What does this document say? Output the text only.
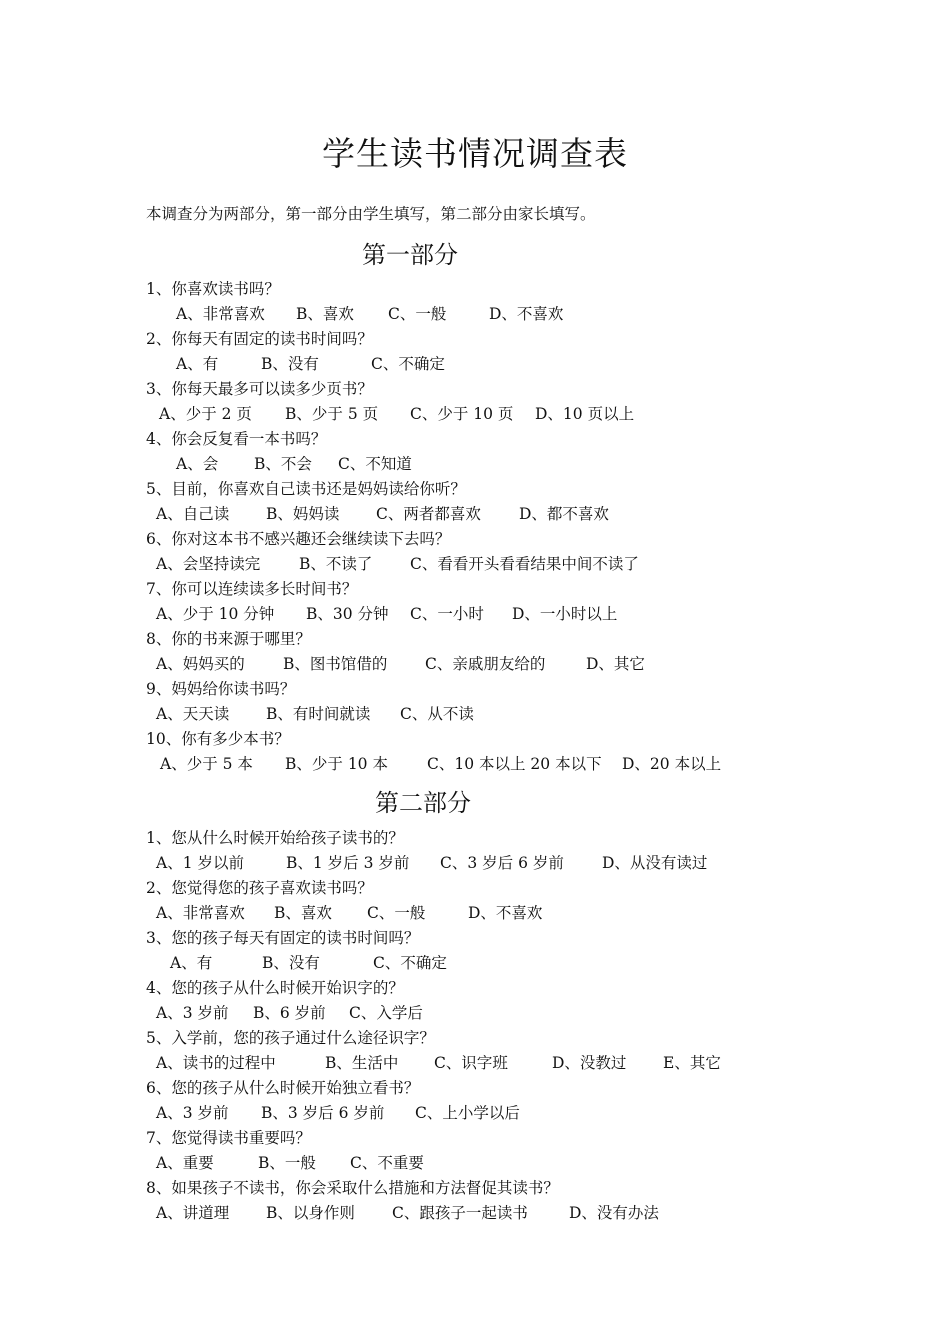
学生读书情况调查表
本调查分为两部分，第一部分由学生填写，第二部分由家长填写。
第一部分
1、你喜欢读书吗？
A、非常喜欢 B、喜欢 C、一般	D、不喜欢
2、你每天有固定的读书时间吗？
A、有	B、没有	C、不确定
3、你每天最多可以读多少页书？
A、少于 2 页 B、少于 5 页 C、少于 10 页 D、10 页以上
4、你会反复看一本书吗？
A、会 B、不会 C、不知道
5、目前，你喜欢自己读书还是妈妈读给你听？
A、自己读 B、妈妈读 C、两者都喜欢 D、都不喜欢
6、你对这本书不感兴趣还会继续读下去吗？
A、会坚持读完	B、不读了 C、看看开头看看结果中间不读了
7、你可以连续读多长时间书？
A、少于 10 分钟 B、30 分钟 C、一小时 D、一小时以上
8、你的书来源于哪里？
A、妈妈买的 B、图书馆借的 C、亲戚朋友给的	D、其它
9、妈妈给你读书吗？
A、天天读 B、有时间就读 C、从不读
10、你有多少本书？
A、少于 5 本 B、少于 10 本	C、10 本以上 20 本以下 D、20 本以上
第二部分
1、您从什么时候开始给孩子读书的？
A、1 岁以前	B、1 岁后 3 岁前 C、3 岁后 6 岁前 D、从没有读过
2、您觉得您的孩子喜欢读书吗？
A、非常喜欢 B、喜欢 C、一般	D、不喜欢
3、您的孩子每天有固定的读书时间吗？
A、有	B、没有	C、不确定
4、您的孩子从什么时候开始识字的？
A、3 岁前 B、6 岁前 C、入学后
5、入学前，您的孩子通过什么途径识字？
A、读书的过程中	B、生活中 C、识字班	D、没教过 E、其它
6、您的孩子从什么时候开始独立看书？
A、3 岁前 B、3 岁后 6 岁前 C、上小学以后
7、您觉得读书重要吗？
A、重要	B、一般 C、不重要
8、如果孩子不读书，你会采取什么措施和方法督促其读书？
A、讲道理 B、以身作则 C、跟孩子一起读书	D、没有办法
